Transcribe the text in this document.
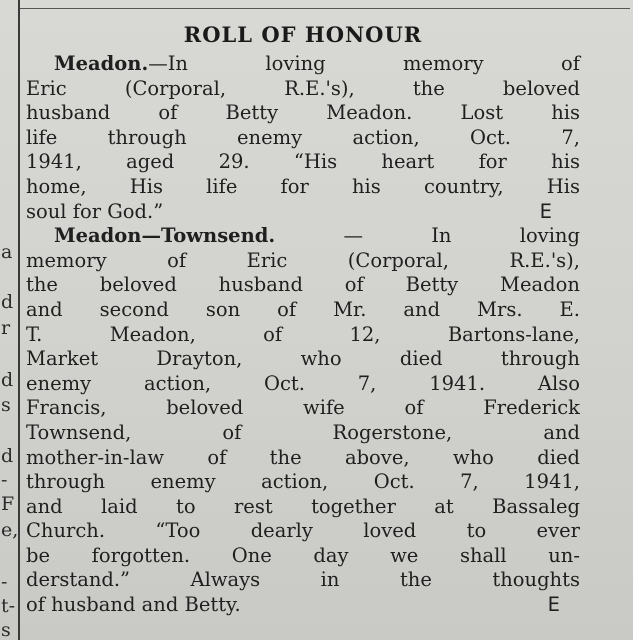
a
d
r
d
s
d
-
F
e,
-
t-
s
ROLL OF HONOUR
Meadon.—In	loving	memory	of
Eric	(Corporal,	R.E.'s),	the	beloved
husband of Betty Meadon. Lost his
life	through	enemy	action,	Oct.	7,
1941, aged 29. “His heart for his
home, His life for his country, His
soul for God.”	E
Meadon—Townsend.	—	In	loving
memory	of	Eric	(Corporal,	R.E.'s),
the beloved husband of Betty Meadon
and second son of Mr. and Mrs. E.
T.	Meadon,	of	12,	Bartons-lane,
Market	Drayton,	who	died	through
enemy	action,	Oct.	7,	1941.	Also
Francis,	beloved	wife	of	Frederick
Townsend,	of	Rogerstone,	and
mother-in-law of the above, who died
through enemy action, Oct. 7, 1941,
and laid to rest together at Bassaleg
Church.	“Too	dearly	loved	to	ever
be forgotten. One day we shall un-
derstand.”	Always	in	the	thoughts
of husband and Betty.	E
